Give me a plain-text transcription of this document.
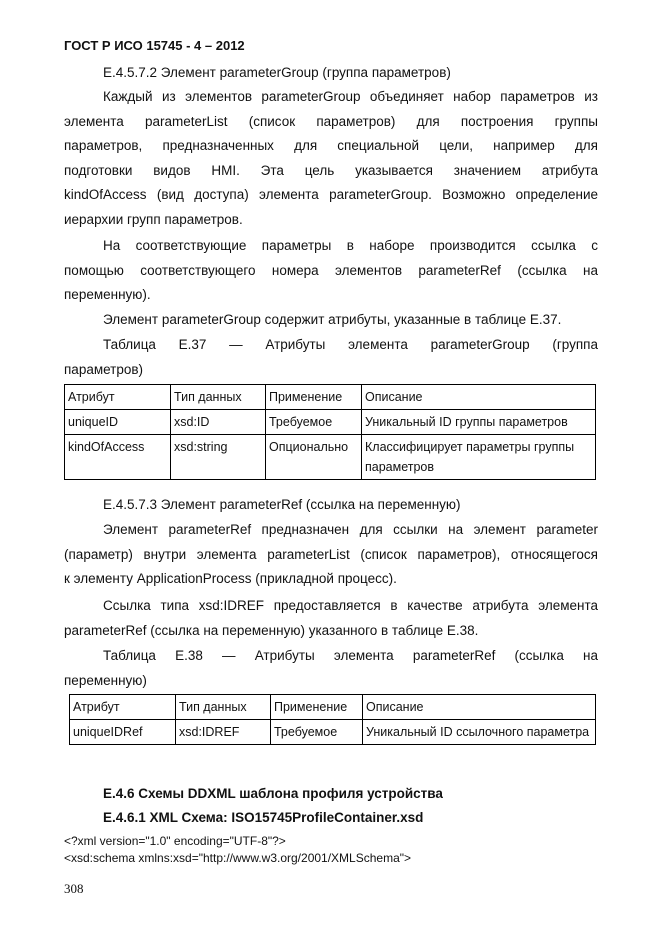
ГОСТ Р ИСО 15745 - 4 – 2012
E.4.5.7.2 Элемент parameterGroup (группа параметров)
Каждый из элементов parameterGroup объединяет набор параметров из
элемента parameterList (список параметров) для построения группы
параметров, предназначенных для специальной цели, например для
подготовки видов HMI. Эта цель указывается значением атрибута
kindOfAccess (вид доступа) элемента parameterGroup. Возможно определение
иерархии групп параметров.
На соответствующие параметры в наборе производится ссылка с
помощью соответствующего номера элементов parameterRef (ссылка на
переменную).
Элемент parameterGroup содержит атрибуты, указанные в таблице E.37.
Таблица E.37 — Атрибуты элемента parameterGroup (группа
параметров)
Атрибут	Тип данных	Применение	Описание
uniqueID	xsd:ID	Требуемое	Уникальный ID группы параметров
kindOfAccess	xsd:string	Опционально	Классифицирует параметры группы параметров
E.4.5.7.3 Элемент parameterRef (ссылка на переменную)
Элемент parameterRef предназначен для ссылки на элемент parameter
(параметр) внутри элемента parameterList (список параметров), относящегося
к элементу ApplicationProcess (прикладной процесс).
Ссылка типа xsd:IDREF предоставляется в качестве атрибута элемента
parameterRef (ссылка на переменную) указанного в таблице E.38.
Таблица E.38 — Атрибуты элемента parameterRef (ссылка на
переменную)
Атрибут	Тип данных	Применение	Описание
uniqueIDRef	xsd:IDREF	Требуемое	Уникальный ID ссылочного параметра
E.4.6 Схемы DDXML шаблона профиля устройства
E.4.6.1 XML Схема: ISO15745ProfileContainer.xsd
<?xml version="1.0" encoding="UTF-8"?>
<xsd:schema xmlns:xsd="http://www.w3.org/2001/XMLSchema">
308
